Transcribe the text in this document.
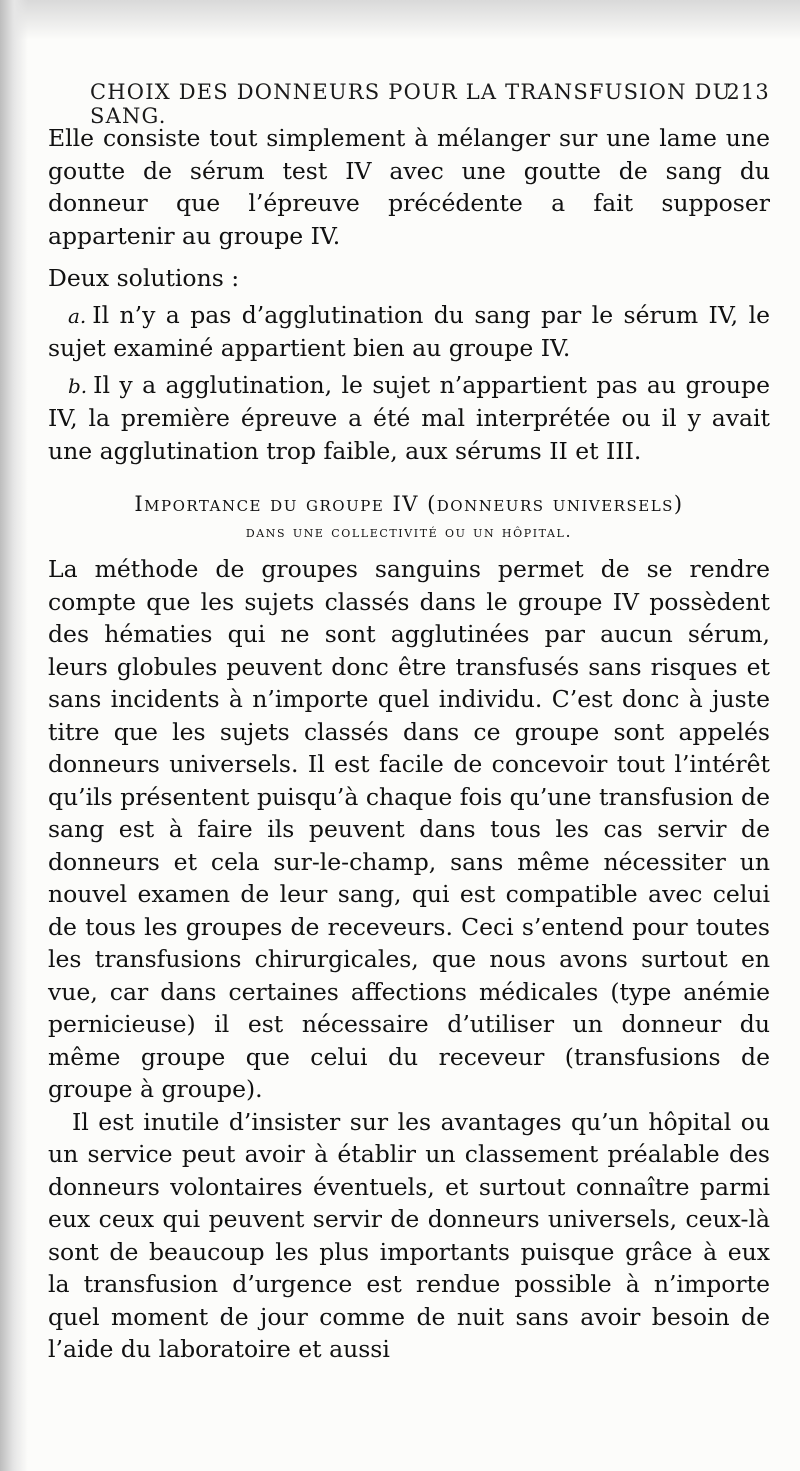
CHOIX DES DONNEURS POUR LA TRANSFUSION DU SANG.
213

Elle consiste tout simplement à mélanger sur une lame une goutte de sérum test IV avec une goutte de sang du donneur que l’épreuve précédente a fait supposer appartenir au groupe IV.

Deux solutions :

a. Il n’y a pas d’agglutination du sang par le sérum IV, le sujet examiné appartient bien au groupe IV.

b. Il y a agglutination, le sujet n’appartient pas au groupe IV, la première épreuve a été mal interprétée ou il y avait une agglutination trop faible, aux sérums II et III.

Importance du groupe IV (donneurs universels)
dans une collectivité ou un hôpital.

La méthode de groupes sanguins permet de se rendre compte que les sujets classés dans le groupe IV possèdent des hématies qui ne sont agglutinées par aucun sérum, leurs globules peuvent donc être transfusés sans risques et sans incidents à n’importe quel individu. C’est donc à juste titre que les sujets classés dans ce groupe sont appelés donneurs universels. Il est facile de concevoir tout l’intérêt qu’ils présentent puisqu’à chaque fois qu’une transfusion de sang est à faire ils peuvent dans tous les cas servir de donneurs et cela sur-le-champ, sans même nécessiter un nouvel examen de leur sang, qui est compatible avec celui de tous les groupes de receveurs. Ceci s’entend pour toutes les transfusions chirurgicales, que nous avons surtout en vue, car dans certaines affections médicales (type anémie pernicieuse) il est nécessaire d’utiliser un donneur du même groupe que celui du receveur (transfusions de groupe à groupe).

Il est inutile d’insister sur les avantages qu’un hôpital ou un service peut avoir à établir un classement préalable des donneurs volontaires éventuels, et surtout connaître parmi eux ceux qui peuvent servir de donneurs universels, ceux-là sont de beaucoup les plus importants puisque grâce à eux la transfusion d’urgence est rendue possible à n’importe quel moment de jour comme de nuit sans avoir besoin de l’aide du laboratoire et aussi
